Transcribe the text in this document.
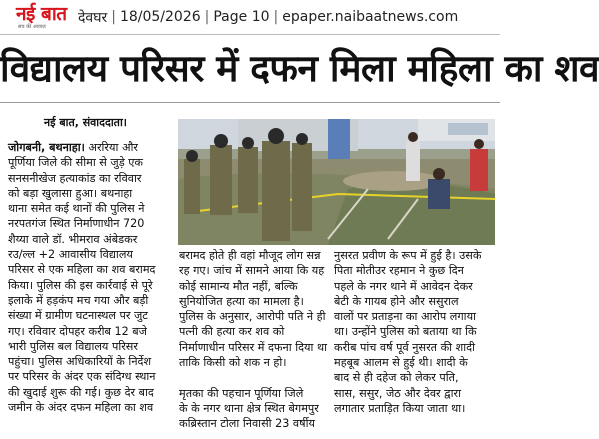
नई बात
सच की आवाज़
देवघर | 18/05/2026 | Page 10 | epaper.naibaatnews.com
विद्यालय परिसर में दफन मिला महिला का शव
नई बात, संवाददाता।
जोगबनी, बथनाहा। अररिया और
पूर्णिया जिले की सीमा से जुड़े एक
सनसनीखेज हत्याकांड का रविवार
को बड़ा खुलासा हुआ। बथनाहा
थाना समेत कई थानों की पुलिस ने
नरपतगंज स्थित निर्माणाधीन 720
शैय्या वाले डॉ. भीमराव अंबेडकर
रउ/ल्ल +2 आवासीय विद्यालय
परिसर से एक महिला का शव बरामद
किया। पुलिस की इस कार्रवाई से पूरे
इलाके में हड़कंप मच गया और बड़ी
संख्या में ग्रामीण घटनास्थल पर जुट
गए। रविवार दोपहर करीब 12 बजे
भारी पुलिस बल विद्यालय परिसर
पहुंचा। पुलिस अधिकारियों के निर्देश
पर परिसर के अंदर एक संदिग्ध स्थान
की खुदाई शुरू की गई। कुछ देर बाद
जमीन के अंदर दफन महिला का शव
बरामद होते ही वहां मौजूद लोग सन्न
रह गए। जांच में सामने आया कि यह
कोई सामान्य मौत नहीं, बल्कि
सुनियोजित हत्या का मामला है।
पुलिस के अनुसार, आरोपी पति ने ही
पत्नी की हत्या कर शव को
निर्माणाधीन परिसर में दफना दिया था
ताकि किसी को शक न हो।

मृतका की पहचान पूर्णिया जिले
के के नगर थाना क्षेत्र स्थित बेगमपुर
कब्रिस्तान टोला निवासी 23 वर्षीय
नुसरत प्रवीण के रूप में हुई है। उसके
पिता मोतीउर रहमान ने कुछ दिन
पहले के नगर थाने में आवेदन देकर
बेटी के गायब होने और ससुराल
वालों पर प्रताड़ना का आरोप लगाया
था। उन्होंने पुलिस को बताया था कि
करीब पांच वर्ष पूर्व नुसरत की शादी
महबूब आलम से हुई थी। शादी के
बाद से ही दहेज को लेकर पति,
सास, ससुर, जेठ और देवर द्वारा
लगातार प्रताड़ित किया जाता था।
